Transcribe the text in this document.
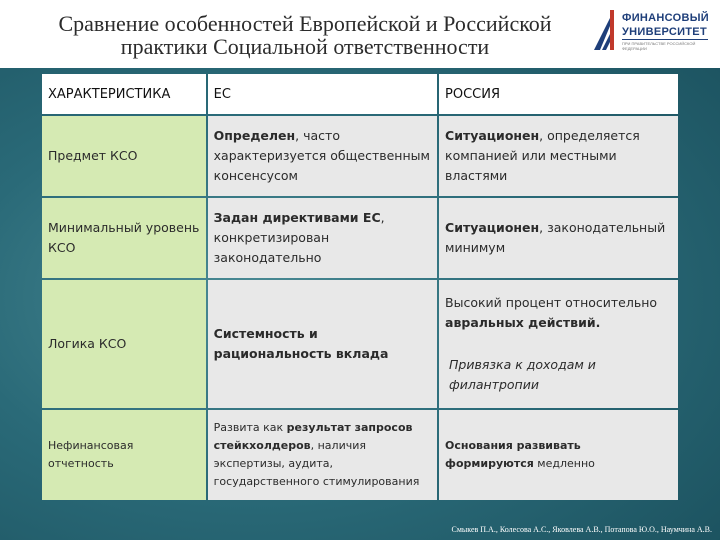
Сравнение особенностей Европейской и Российской
практики Социальной ответственности
ФИНАНСОВЫЙ
УНИВЕРСИТЕТ
ПРИ ПРАВИТЕЛЬСТВЕ РОССИЙСКОЙ ФЕДЕРАЦИИ
ХАРАКТЕРИСТИКА	ЕС	РОССИЯ

Предмет КСО	Определен, часто характеризуется общественным консенсусом	Ситуационен, определяется компанией или местными властями

Минимальный уровень КСО	Задан директивами ЕС, конкретизирован законодательно	Ситуационен, законодательный минимум

Логика КСО	Системность и рациональность вклада	Высокий процент относительно
авральных действий.
Привязка к доходам и филантропии

Нефинансовая отчетность	Развита как результат запросов стейкхолдеров, наличия экспертизы, аудита, государственного стимулирования	Основания развивать формируются медленно
Смыкев П.А., Колесова А.С., Яковлева А.В., Потапова Ю.О., Наумчина А.В.
